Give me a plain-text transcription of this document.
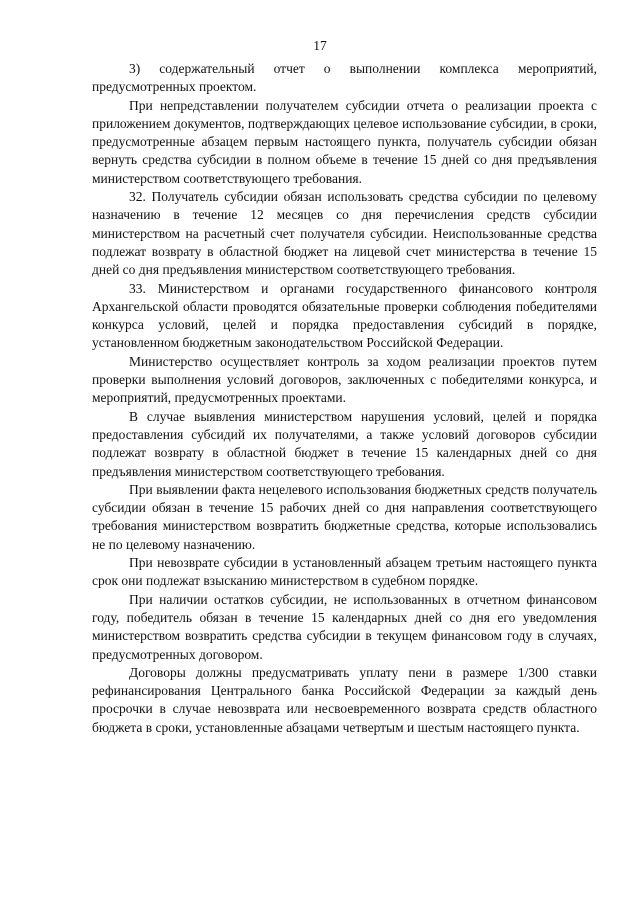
17

3) содержательный отчет о выполнении комплекса мероприятий, предусмотренных проектом.

При непредставлении получателем субсидии отчета о реализации проекта с приложением документов, подтверждающих целевое использование субсидии, в сроки, предусмотренные абзацем первым настоящего пункта, получатель субсидии обязан вернуть средства субсидии в полном объеме в течение 15 дней со дня предъявления министерством соответствующего требования.

32. Получатель субсидии обязан использовать средства субсидии по целевому назначению в течение 12 месяцев со дня перечисления средств субсидии министерством на расчетный счет получателя субсидии. Неиспользованные средства подлежат возврату в областной бюджет на лицевой счет министерства в течение 15 дней со дня предъявления министерством соответствующего требования.

33. Министерством и органами государственного финансового контроля Архангельской области проводятся обязательные проверки соблюдения победителями конкурса условий, целей и порядка предоставления субсидий в порядке, установленном бюджетным законодательством Российской Федерации.

Министерство осуществляет контроль за ходом реализации проектов путем проверки выполнения условий договоров, заключенных с победителями конкурса, и мероприятий, предусмотренных проектами.

В случае выявления министерством нарушения условий, целей и порядка предоставления субсидий их получателями, а также условий договоров субсидии подлежат возврату в областной бюджет в течение 15 календарных дней со дня предъявления министерством соответствующего требования.

При выявлении факта нецелевого использования бюджетных средств получатель субсидии обязан в течение 15 рабочих дней со дня направления соответствующего требования министерством возвратить бюджетные средства, которые использовались не по целевому назначению.

При невозврате субсидии в установленный абзацем третьим настоящего пункта срок они подлежат взысканию министерством в судебном порядке.

При наличии остатков субсидии, не использованных в отчетном финансовом году, победитель обязан в течение 15 календарных дней со дня его уведомления министерством возвратить средства субсидии в текущем финансовом году в случаях, предусмотренных договором.

Договоры должны предусматривать уплату пени в размере 1/300 ставки рефинансирования Центрального банка Российской Федерации за каждый день просрочки в случае невозврата или несвоевременного возврата средств областного бюджета в сроки, установленные абзацами четвертым и шестым настоящего пункта.
